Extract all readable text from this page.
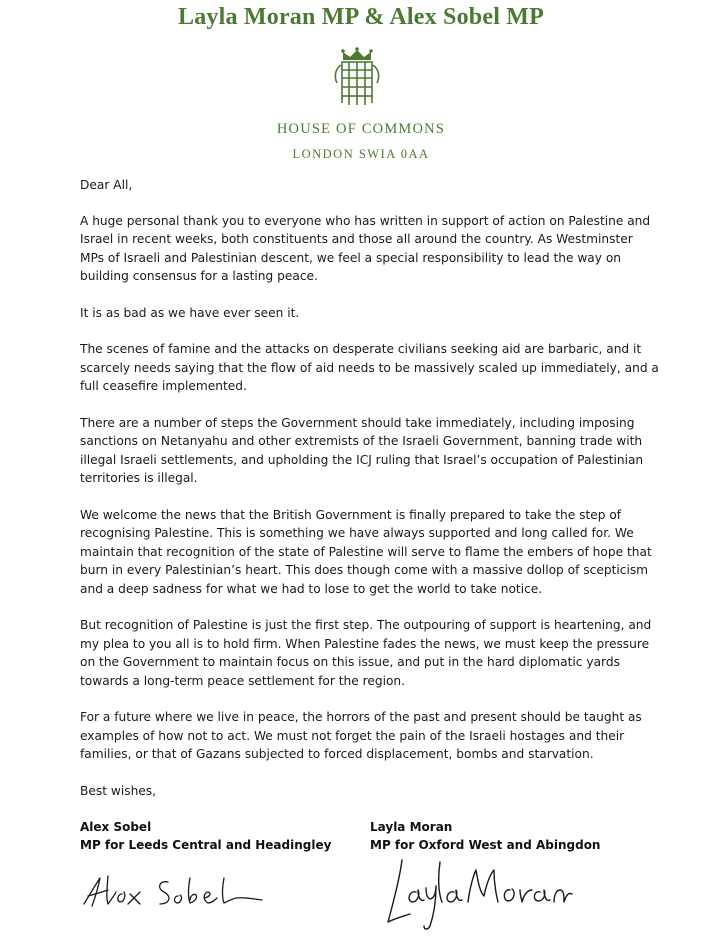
Layla Moran MP & Alex Sobel MP
HOUSE OF COMMONS
LONDON SWIA 0AA

Dear All,

A huge personal thank you to everyone who has written in support of action on Palestine and Israel in recent weeks, both constituents and those all around the country. As Westminster MPs of Israeli and Palestinian descent, we feel a special responsibility to lead the way on building consensus for a lasting peace.

It is as bad as we have ever seen it.

The scenes of famine and the attacks on desperate civilians seeking aid are barbaric, and it scarcely needs saying that the flow of aid needs to be massively scaled up immediately, and a full ceasefire implemented.

There are a number of steps the Government should take immediately, including imposing sanctions on Netanyahu and other extremists of the Israeli Government, banning trade with illegal Israeli settlements, and upholding the ICJ ruling that Israel’s occupation of Palestinian territories is illegal.

We welcome the news that the British Government is finally prepared to take the step of recognising Palestine. This is something we have always supported and long called for. We maintain that recognition of the state of Palestine will serve to flame the embers of hope that burn in every Palestinian’s heart. This does though come with a massive dollop of scepticism and a deep sadness for what we had to lose to get the world to take notice.

But recognition of Palestine is just the first step. The outpouring of support is heartening, and my plea to you all is to hold firm. When Palestine fades the news, we must keep the pressure on the Government to maintain focus on this issue, and put in the hard diplomatic yards towards a long-term peace settlement for the region.

For a future where we live in peace, the horrors of the past and present should be taught as examples of how not to act. We must not forget the pain of the Israeli hostages and their families, or that of Gazans subjected to forced displacement, bombs and starvation.

Best wishes,

Alex Sobel
MP for Leeds Central and Headingley
Layla Moran
MP for Oxford West and Abingdon
